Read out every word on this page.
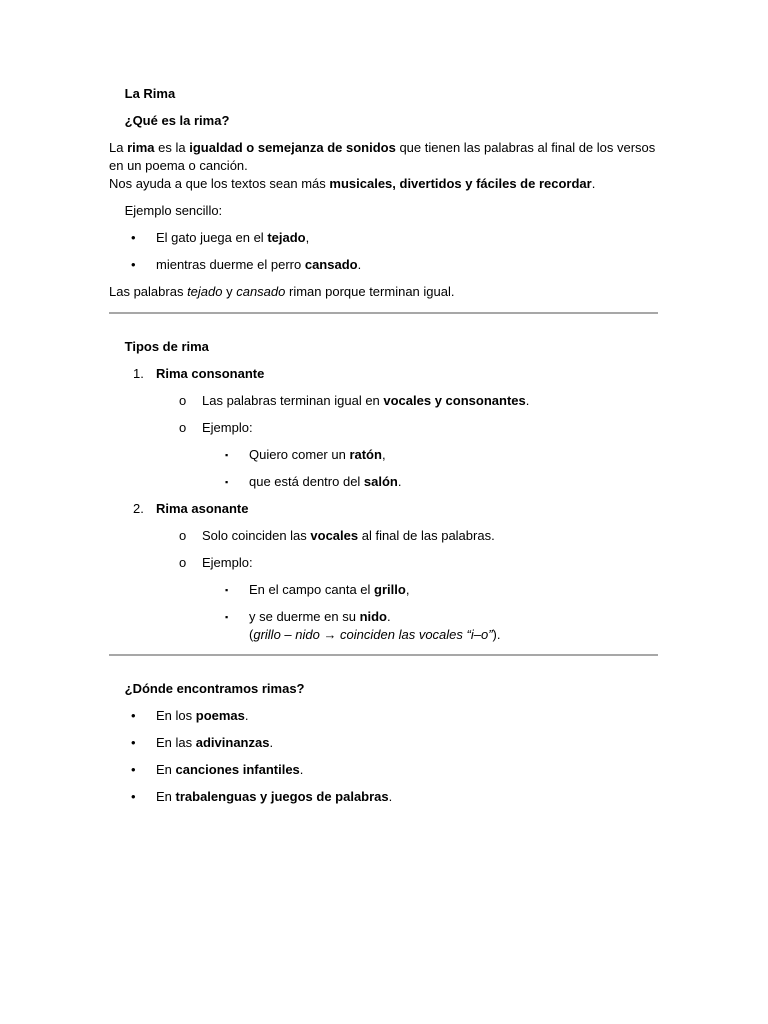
La Rima

¿Qué es la rima?

La rima es la igualdad o semejanza de sonidos que tienen las palabras al final de los versos en un poema o canción.

Nos ayuda a que los textos sean más musicales, divertidos y fáciles de recordar.

Ejemplo sencillo:

• El gato juega en el tejado,
• mientras duerme el perro cansado.

Las palabras tejado y cansado riman porque terminan igual.

Tipos de rima

1. Rima consonante
o Las palabras terminan igual en vocales y consonantes.
o Ejemplo:
▪ Quiero comer un ratón,
▪ que está dentro del salón.
2. Rima asonante
o Solo coinciden las vocales al final de las palabras.
o Ejemplo:
▪ En el campo canta el grillo,
▪ y se duerme en su nido.
(grillo – nido → coinciden las vocales “i–o”).

¿Dónde encontramos rimas?

• En los poemas.
• En las adivinanzas.
• En canciones infantiles.
• En trabalenguas y juegos de palabras.
